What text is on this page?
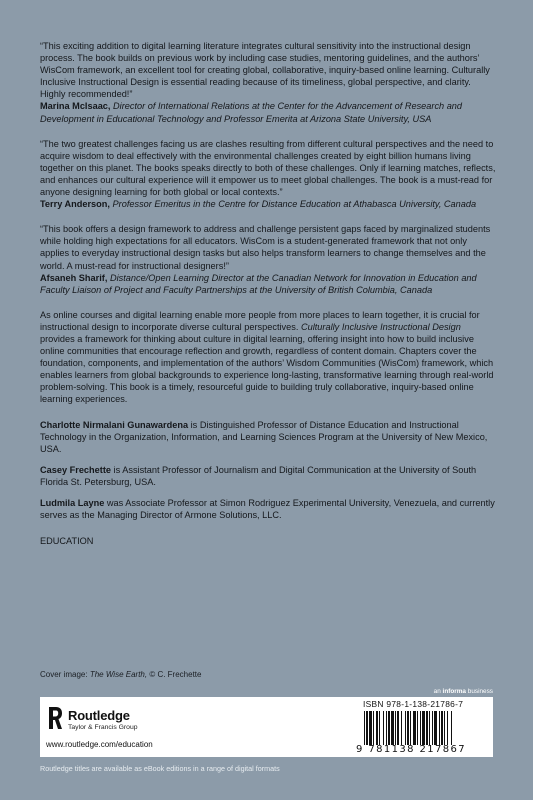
“This exciting addition to digital learning literature integrates cultural sensitivity into the instructional design process. The book builds on previous work by including case studies, mentoring guidelines, and the authors’ WisCom framework, an excellent tool for creating global, collaborative, inquiry-based online learning. Culturally Inclusive Instructional Design is essential reading because of its timeliness, global perspective, and clarity. Highly recommended!”
Marina McIsaac, Director of International Relations at the Center for the Advancement of Research and Development in Educational Technology and Professor Emerita at Arizona State University, USA

“The two greatest challenges facing us are clashes resulting from different cultural perspectives and the need to acquire wisdom to deal effectively with the environmental challenges created by eight billion humans living together on this planet. The books speaks directly to both of these challenges. Only if learning matches, reflects, and enhances our cultural experience will it empower us to meet global challenges. The book is a must-read for anyone designing learning for both global or local contexts.”
Terry Anderson, Professor Emeritus in the Centre for Distance Education at Athabasca University, Canada

“This book offers a design framework to address and challenge persistent gaps faced by marginalized students while holding high expectations for all educators. WisCom is a student-generated framework that not only applies to everyday instructional design tasks but also helps transform learners to change themselves and the world. A must-read for instructional designers!”
Afsaneh Sharif, Distance/Open Learning Director at the Canadian Network for Innovation in Education and Faculty Liaison of Project and Faculty Partnerships at the University of British Columbia, Canada

As online courses and digital learning enable more people from more places to learn together, it is crucial for instructional design to incorporate diverse cultural perspectives. Culturally Inclusive Instructional Design provides a framework for thinking about culture in digital learning, offering insight into how to build inclusive online communities that encourage reflection and growth, regardless of content domain. Chapters cover the foundation, components, and implementation of the authors’ Wisdom Communities (WisCom) framework, which enables learners from global backgrounds to experience long-lasting, transformative learning through real-world problem-solving. This book is a timely, resourceful guide to building truly collaborative, inquiry-based online learning experiences.

Charlotte Nirmalani Gunawardena is Distinguished Professor of Distance Education and Instructional Technology in the Organization, Information, and Learning Sciences Program at the University of New Mexico, USA.

Casey Frechette is Assistant Professor of Journalism and Digital Communication at the University of South Florida St. Petersburg, USA.

Ludmila Layne was Associate Professor at Simon Rodriguez Experimental University, Venezuela, and currently serves as the Managing Director of Armone Solutions, LLC.

EDUCATION

Cover image: The Wise Earth, © C. Frechette
an informa business
Routledge
Taylor & Francis Group
www.routledge.com/education
ISBN 978-1-138-21786-7
9 781138 217867
Routledge titles are available as eBook editions in a range of digital formats
